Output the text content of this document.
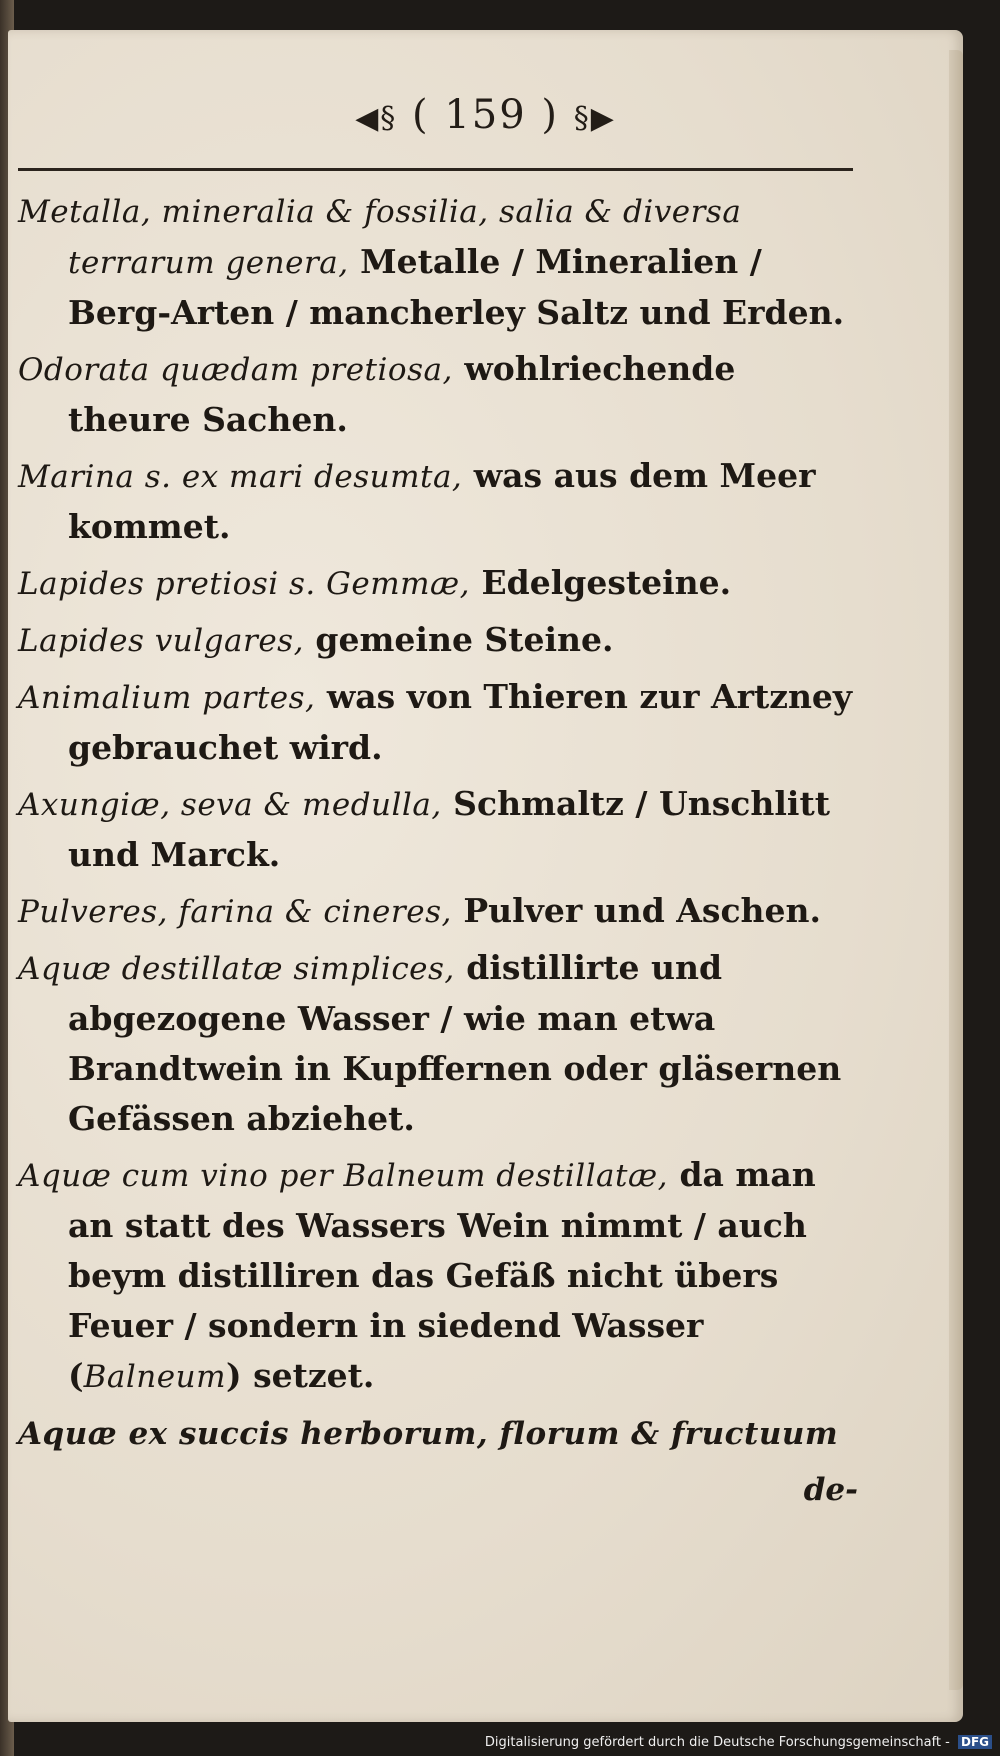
◀§ ( 159 ) §▶
Metalla, mineralia & fossilia, salia & diversa terrarum genera, Metalle / Mineralien / Berg-Arten / mancherley Saltz und Erden.
Odorata quædam pretiosa, wohlriechende theure Sachen.
Marina s. ex mari desumta, was aus dem Meer kommet.
Lapides pretiosi s. Gemmæ, Edelgesteine.
Lapides vulgares, gemeine Steine.
Animalium partes, was von Thieren zur Artzney gebrauchet wird.
Axungiæ, seva & medulla, Schmaltz / Unschlitt und Marck.
Pulveres, farina & cineres, Pulver und Aschen.
Aquæ destillatæ simplices, distillirte und abgezogene Wasser / wie man etwa Brandtwein in Kupffernen oder gläsernen Gefässen abziehet.
Aquæ cum vino per Balneum destillatæ, da man an statt des Wassers Wein nimmt / auch beym distilliren das Gefäß nicht übers Feuer / sondern in siedend Wasser (Balneum) setzet.
Aquæ ex succis herborum, florum & fructuum
de-
Digitalisierung gefördert durch die Deutsche Forschungsgemeinschaft - DFG
